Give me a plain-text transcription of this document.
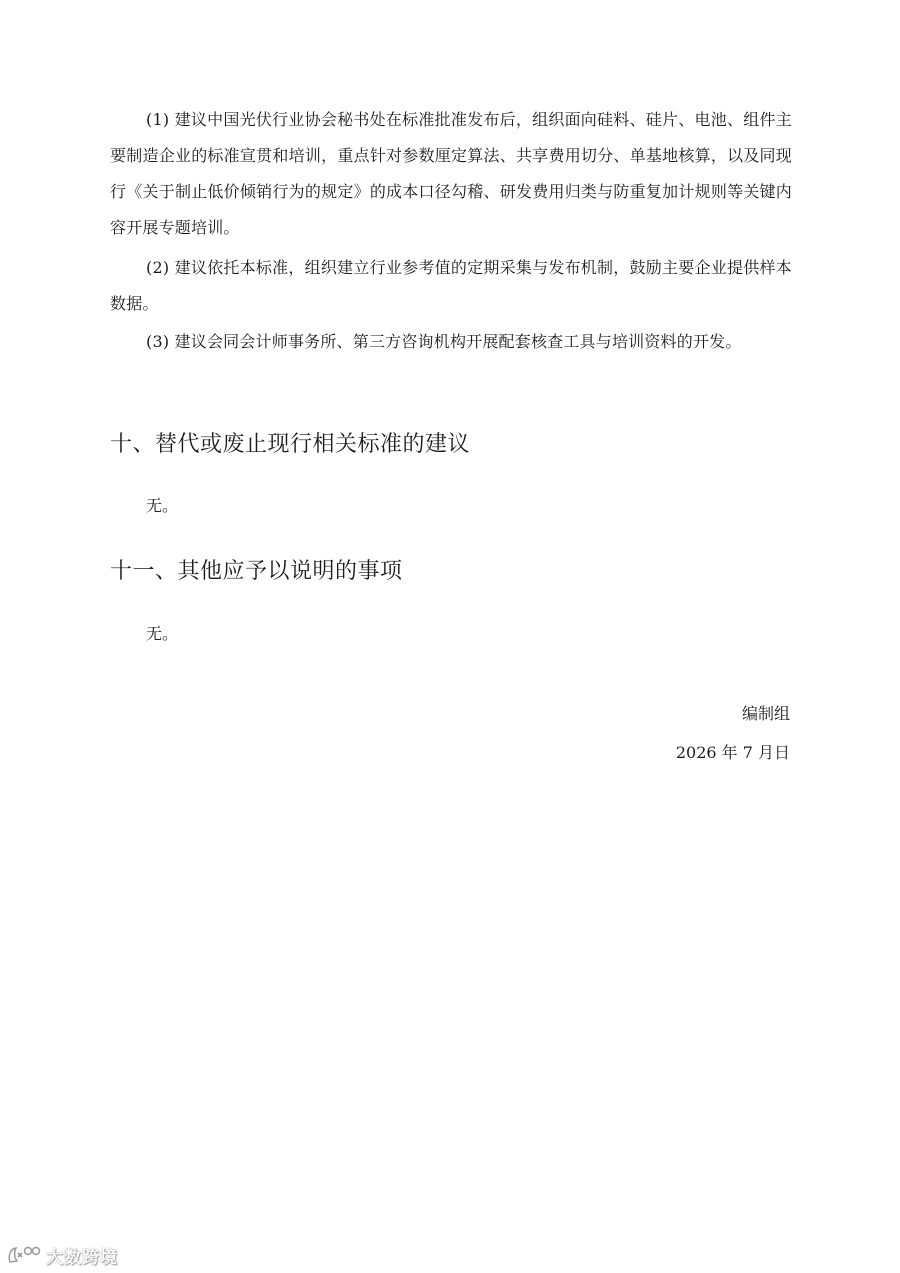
(1) 建议中国光伏行业协会秘书处在标准批准发布后，组织面向硅料、硅片、电池、组件主要制造企业的标准宣贯和培训，重点针对参数厘定算法、共享费用切分、单基地核算，以及同现行《关于制止低价倾销行为的规定》的成本口径勾稽、研发费用归类与防重复加计规则等关键内容开展专题培训。

(2) 建议依托本标准，组织建立行业参考值的定期采集与发布机制，鼓励主要企业提供样本数据。

(3) 建议会同会计师事务所、第三方咨询机构开展配套核查工具与培训资料的开发。

十、替代或废止现行相关标准的建议

无。

十一、其他应予以说明的事项

无。

编制组

2026 年 7 月日

大数跨境
